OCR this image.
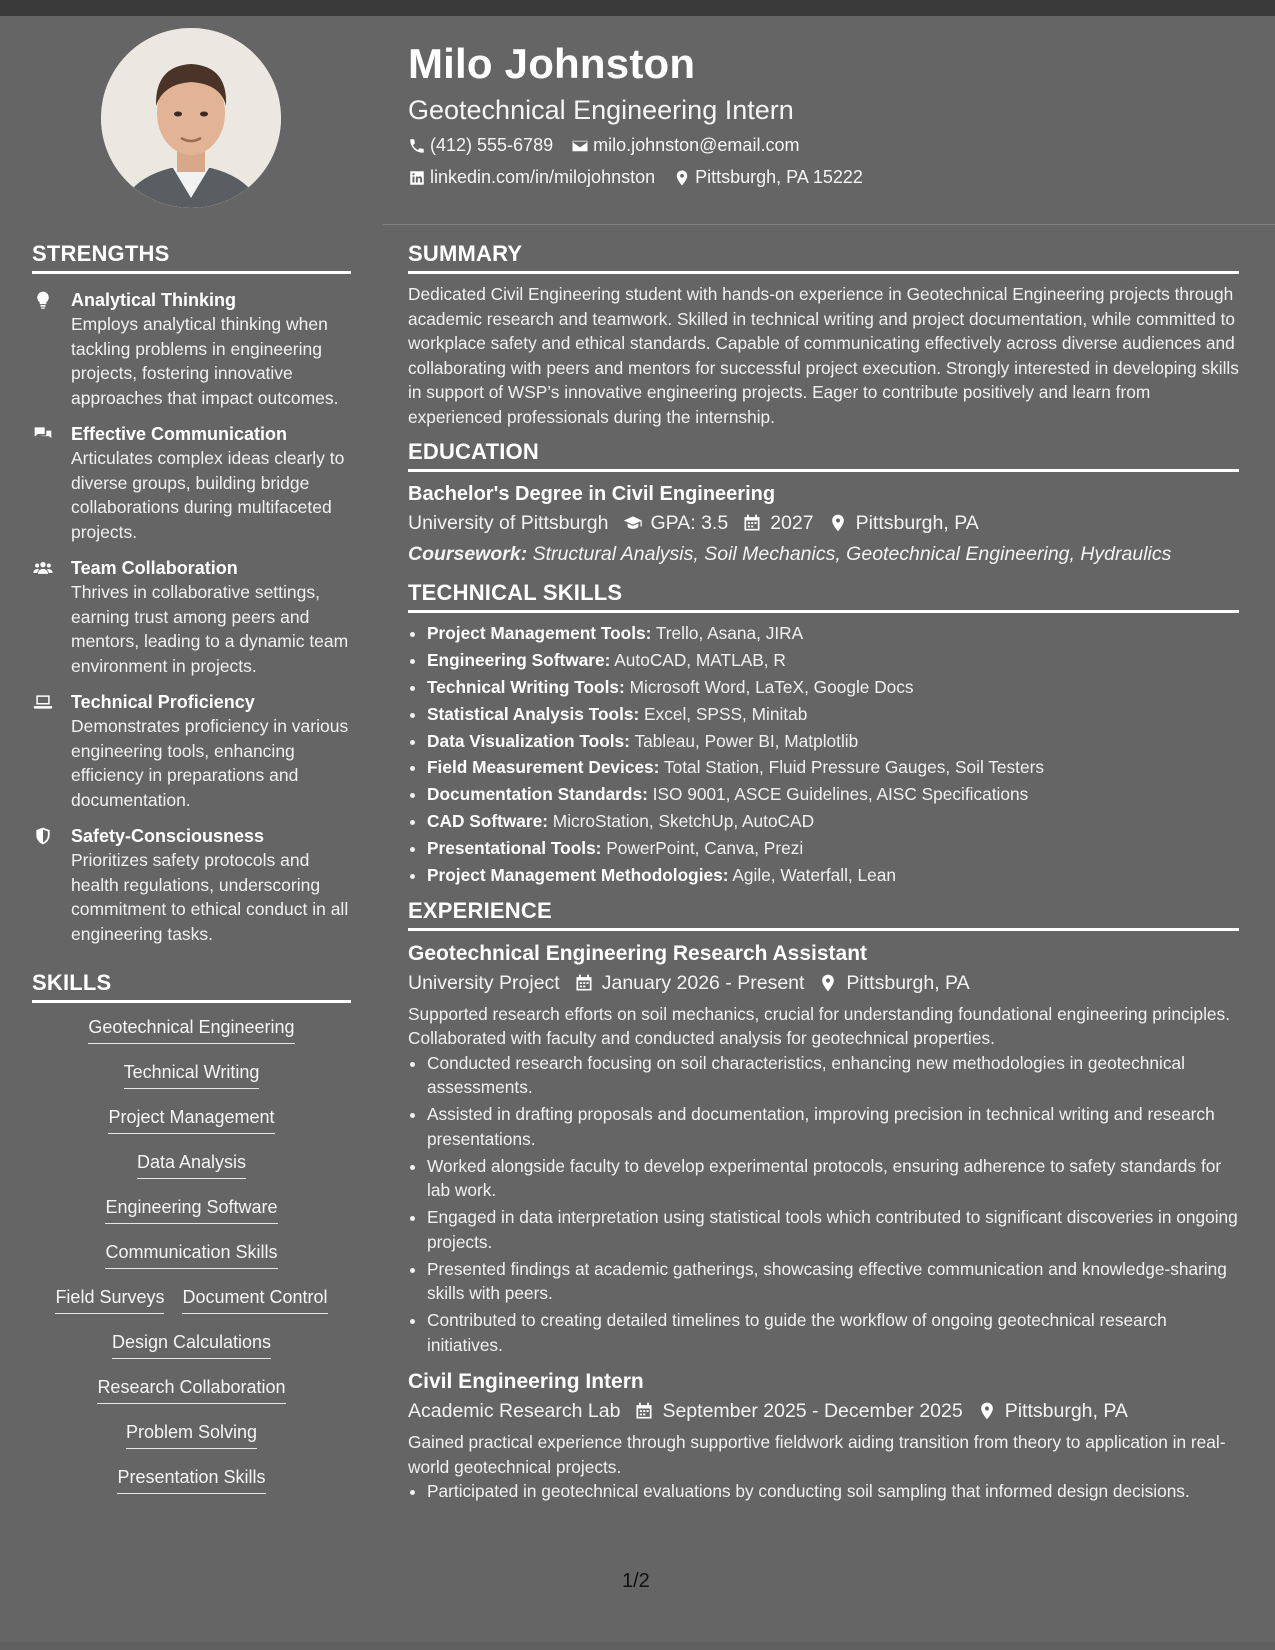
Milo Johnston
Geotechnical Engineering Intern
(412) 555-6789 milo.johnston@email.com
linkedin.com/in/milojohnston Pittsburgh, PA 15222
STRENGTHS
Analytical Thinking
Employs analytical thinking when tackling problems in engineering projects, fostering innovative approaches that impact outcomes.
Effective Communication
Articulates complex ideas clearly to diverse groups, building bridge collaborations during multifaceted projects.
Team Collaboration
Thrives in collaborative settings, earning trust among peers and mentors, leading to a dynamic team environment in projects.
Technical Proficiency
Demonstrates proficiency in various engineering tools, enhancing efficiency in preparations and documentation.
Safety-Consciousness
Prioritizes safety protocols and health regulations, underscoring commitment to ethical conduct in all engineering tasks.
SKILLS
Geotechnical Engineering
Technical Writing
Project Management
Data Analysis
Engineering Software
Communication Skills
Field Surveys Document Control
Design Calculations
Research Collaboration
Problem Solving
Presentation Skills
SUMMARY

Dedicated Civil Engineering student with hands-on experience in Geotechnical Engineering projects through academic research and teamwork. Skilled in technical writing and project documentation, while committed to workplace safety and ethical standards. Capable of communicating effectively across diverse audiences and collaborating with peers and mentors for successful project execution. Strongly interested in developing skills in support of WSP’s innovative engineering projects. Eager to contribute positively and learn from experienced professionals during the internship.

EDUCATION
Bachelor's Degree in Civil Engineering
University of Pittsburgh GPA: 3.5 2027 Pittsburgh, PA
Coursework: Structural Analysis, Soil Mechanics, Geotechnical Engineering, Hydraulics
TECHNICAL SKILLS
• Project Management Tools: Trello, Asana, JIRA
• Engineering Software: AutoCAD, MATLAB, R
• Technical Writing Tools: Microsoft Word, LaTeX, Google Docs
• Statistical Analysis Tools: Excel, SPSS, Minitab
• Data Visualization Tools: Tableau, Power BI, Matplotlib
• Field Measurement Devices: Total Station, Fluid Pressure Gauges, Soil Testers
• Documentation Standards: ISO 9001, ASCE Guidelines, AISC Specifications
• CAD Software: MicroStation, SketchUp, AutoCAD
• Presentational Tools: PowerPoint, Canva, Prezi
• Project Management Methodologies: Agile, Waterfall, Lean
EXPERIENCE
Geotechnical Engineering Research Assistant
University Project January 2026 - Present Pittsburgh, PA

Supported research efforts on soil mechanics, crucial for understanding foundational engineering principles. Collaborated with faculty and conducted analysis for geotechnical properties.

• Conducted research focusing on soil characteristics, enhancing new methodologies in geotechnical assessments.
• Assisted in drafting proposals and documentation, improving precision in technical writing and research presentations.
• Worked alongside faculty to develop experimental protocols, ensuring adherence to safety standards for lab work.
• Engaged in data interpretation using statistical tools which contributed to significant discoveries in ongoing projects.
• Presented findings at academic gatherings, showcasing effective communication and knowledge-sharing skills with peers.
• Contributed to creating detailed timelines to guide the workflow of ongoing geotechnical research initiatives.
Civil Engineering Intern
Academic Research Lab September 2025 - December 2025 Pittsburgh, PA

Gained practical experience through supportive fieldwork aiding transition from theory to application in real-world geotechnical projects.

• Participated in geotechnical evaluations by conducting soil sampling that informed design decisions.
1/2
